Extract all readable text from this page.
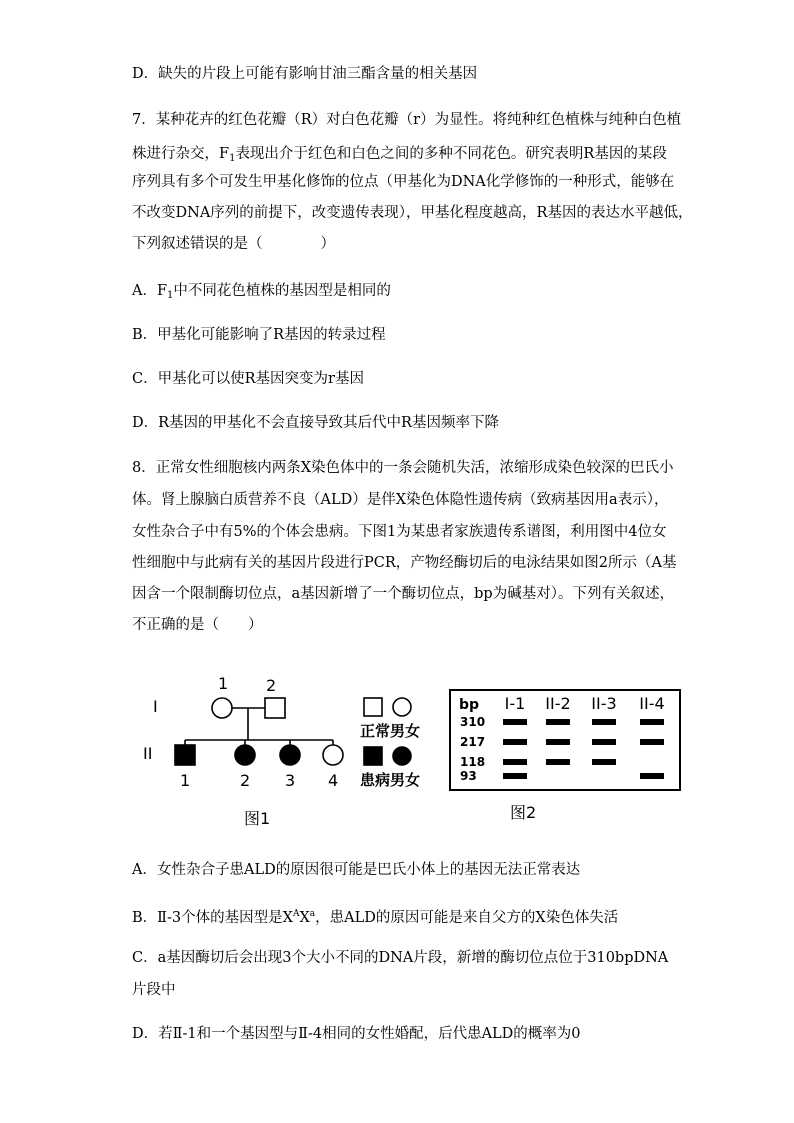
D．缺失的片段上可能有影响甘油三酯含量的相关基因
7．某种花卉的红色花瓣（R）对白色花瓣（r）为显性。将纯种红色植株与纯种白色植
株进行杂交，$F_1$表现出介于红色和白色之间的多种不同花色。研究表明R基因的某段
序列具有多个可发生甲基化修饰的位点（甲基化为DNA化学修饰的一种形式，能够在
不改变DNA序列的前提下，改变遗传表现），甲基化程度越高，R基因的表达水平越低，
下列叙述错误的是（　　　　）
A．$F_1$中不同花色植株的基因型是相同的
B．甲基化可能影响了R基因的转录过程
C．甲基化可以使R基因突变为r基因
D．R基因的甲基化不会直接导致其后代中R基因频率下降
8．正常女性细胞核内两条X染色体中的一条会随机失活，浓缩形成染色较深的巴氏小
体。肾上腺脑白质营养不良（ALD）是伴X染色体隐性遗传病（致病基因用a表示），
女性杂合子中有5%的个体会患病。下图1为某患者家族遗传系谱图，利用图中4位女
性细胞中与此病有关的基因片段进行PCR，产物经酶切后的电泳结果如图2所示（A基
因含一个限制酶切位点，a基因新增了一个酶切位点，bp为碱基对）。下列有关叙述，
不正确的是（　　）
I
II
1 2
1	2 3 4
正常男女
患病男女
图1
bp I-1 II-2 II-3 II-4
310
217
118
93
图2
A．女性杂合子患ALD的原因很可能是巴氏小体上的基因无法正常表达
B．Ⅱ-3个体的基因型是$X^AX^a$，患ALD的原因可能是来自父方的X染色体失活
C．a基因酶切后会出现3个大小不同的DNA片段，新增的酶切位点位于310bpDNA
片段中
D．若Ⅱ-1和一个基因型与Ⅱ-4相同的女性婚配，后代患ALD的概率为0
